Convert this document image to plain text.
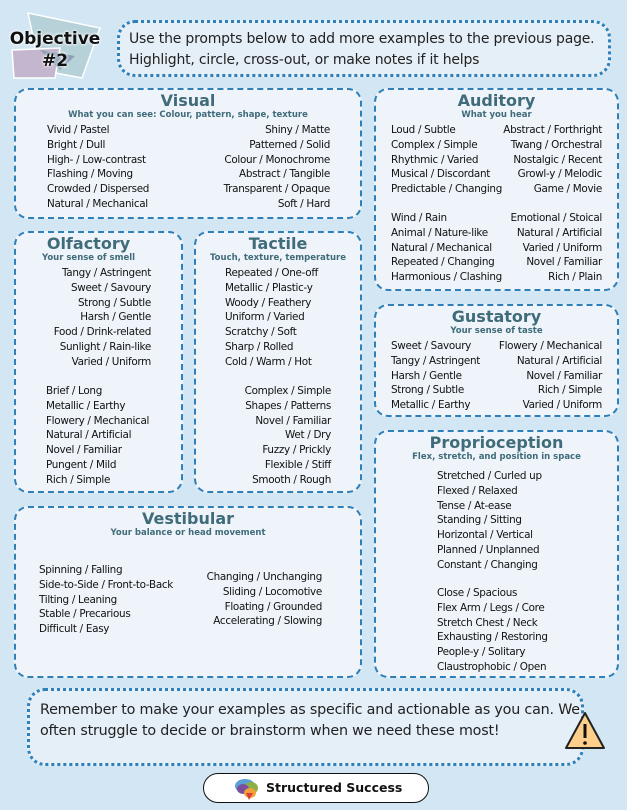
Objective
#2
Use the prompts below to add more examples to the previous page. Highlight, circle, cross-out, or make notes if it helps
Visual
What you can see: Colour, pattern, shape, texture
Vivid / Pastel
Bright / Dull
High- / Low-contrast
Flashing / Moving
Crowded / Dispersed
Natural / Mechanical
Shiny / Matte
Patterned / Solid
Colour / Monochrome
Abstract / Tangible
Transparent / Opaque
Soft / Hard
Auditory
What you hear
Loud / Subtle
Complex / Simple
Rhythmic / Varied
Musical / Discordant
Predictable / Changing
Abstract / Forthright
Twang / Orchestral
Nostalgic / Recent
Growl-y / Melodic
Game / Movie
Wind / Rain
Animal / Nature-like
Natural / Mechanical
Repeated / Changing
Harmonious / Clashing
Emotional / Stoical
Natural / Artificial
Varied / Uniform
Novel / Familiar
Rich / Plain
Olfactory
Your sense of smell
Tangy / Astringent
Sweet / Savoury
Strong / Subtle
Harsh / Gentle
Food / Drink-related
Sunlight / Rain-like
Varied / Uniform
Brief / Long
Metallic / Earthy
Flowery / Mechanical
Natural / Artificial
Novel / Familiar
Pungent / Mild
Rich / Simple
Tactile
Touch, texture, temperature
Repeated / One-off
Metallic / Plastic-y
Woody / Feathery
Uniform / Varied
Scratchy / Soft
Sharp / Rolled
Cold / Warm / Hot
Complex / Simple
Shapes / Patterns
Novel / Familiar
Wet / Dry
Fuzzy / Prickly
Flexible / Stiff
Smooth / Rough
Gustatory
Your sense of taste
Sweet / Savoury
Tangy / Astringent
Harsh / Gentle
Strong / Subtle
Metallic / Earthy
Flowery / Mechanical
Natural / Artificial
Novel / Familiar
Rich / Simple
Varied / Uniform
Proprioception
Flex, stretch, and position in space
Stretched / Curled up
Flexed / Relaxed
Tense / At-ease
Standing / Sitting
Horizontal / Vertical
Planned / Unplanned
Constant / Changing
Close / Spacious
Flex Arm / Legs / Core
Stretch Chest / Neck
Exhausting / Restoring
People-y / Solitary
Claustrophobic / Open
Vestibular
Your balance or head movement
Spinning / Falling
Side-to-Side / Front-to-Back
Tilting / Leaning
Stable / Precarious
Difficult / Easy
Changing / Unchanging
Sliding / Locomotive
Floating / Grounded
Accelerating / Slowing
Remember to make your examples as specific and actionable as you can. We often struggle to decide or brainstorm when we need these most!
Structured Success
